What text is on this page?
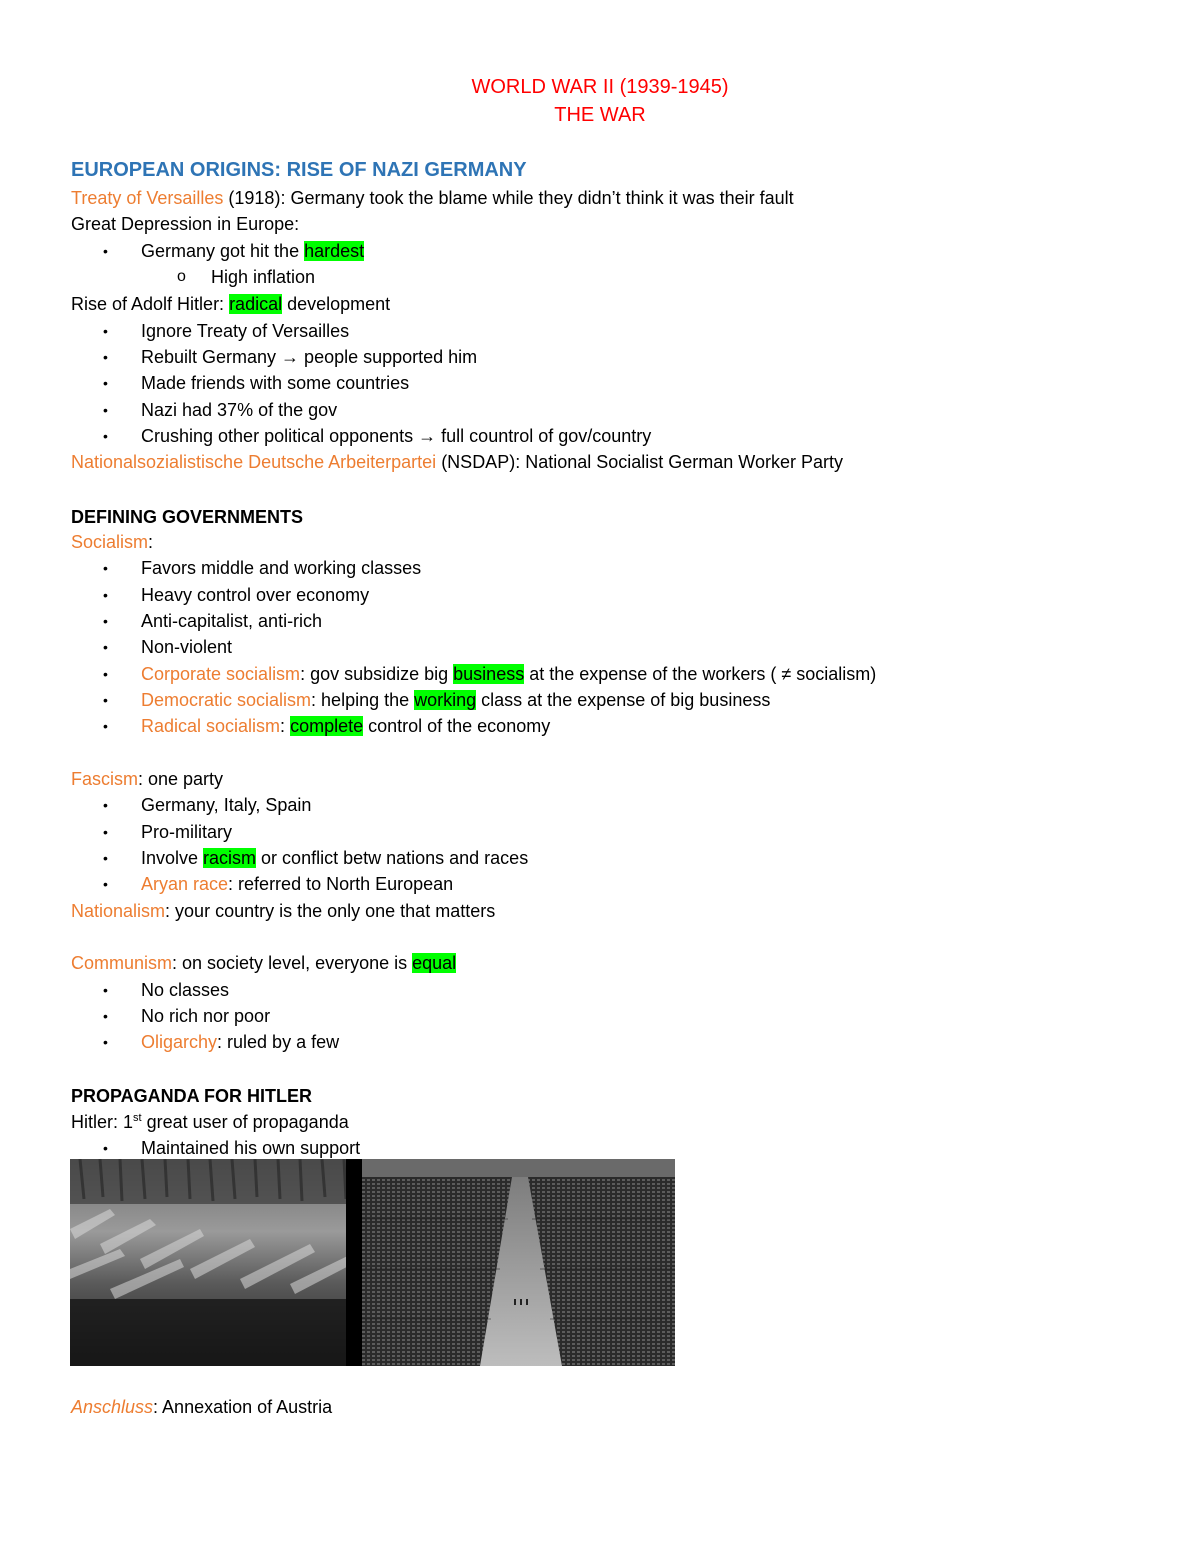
WORLD WAR II (1939-1945)
THE WAR
EUROPEAN ORIGINS: RISE OF NAZI GERMANY
Treaty of Versailles (1918): Germany took the blame while they didn’t think it was their fault
Great Depression in Europe:
• Germany got hit the hardest
o High inflation
Rise of Adolf Hitler: radical development
• Ignore Treaty of Versailles
• Rebuilt Germany → people supported him
• Made friends with some countries
• Nazi had 37% of the gov
• Crushing other political opponents → full countrol of gov/country
Nationalsozialistische Deutsche Arbeiterpartei (NSDAP): National Socialist German Worker Party
DEFINING GOVERNMENTS
Socialism:
• Favors middle and working classes
• Heavy control over economy
• Anti-capitalist, anti-rich
• Non-violent
• Corporate socialism: gov subsidize big business at the expense of the workers ( ≠ socialism)
• Democratic socialism: helping the working class at the expense of big business
• Radical socialism: complete control of the economy
Fascism: one party
• Germany, Italy, Spain
• Pro-military
• Involve racism or conflict betw nations and races
• Aryan race: referred to North European
Nationalism: your country is the only one that matters
Communism: on society level, everyone is equal
• No classes
• No rich nor poor
• Oligarchy: ruled by a few
PROPAGANDA FOR HITLER
Hitler: 1st great user of propaganda
• Maintained his own support
Anschluss: Annexation of Austria
